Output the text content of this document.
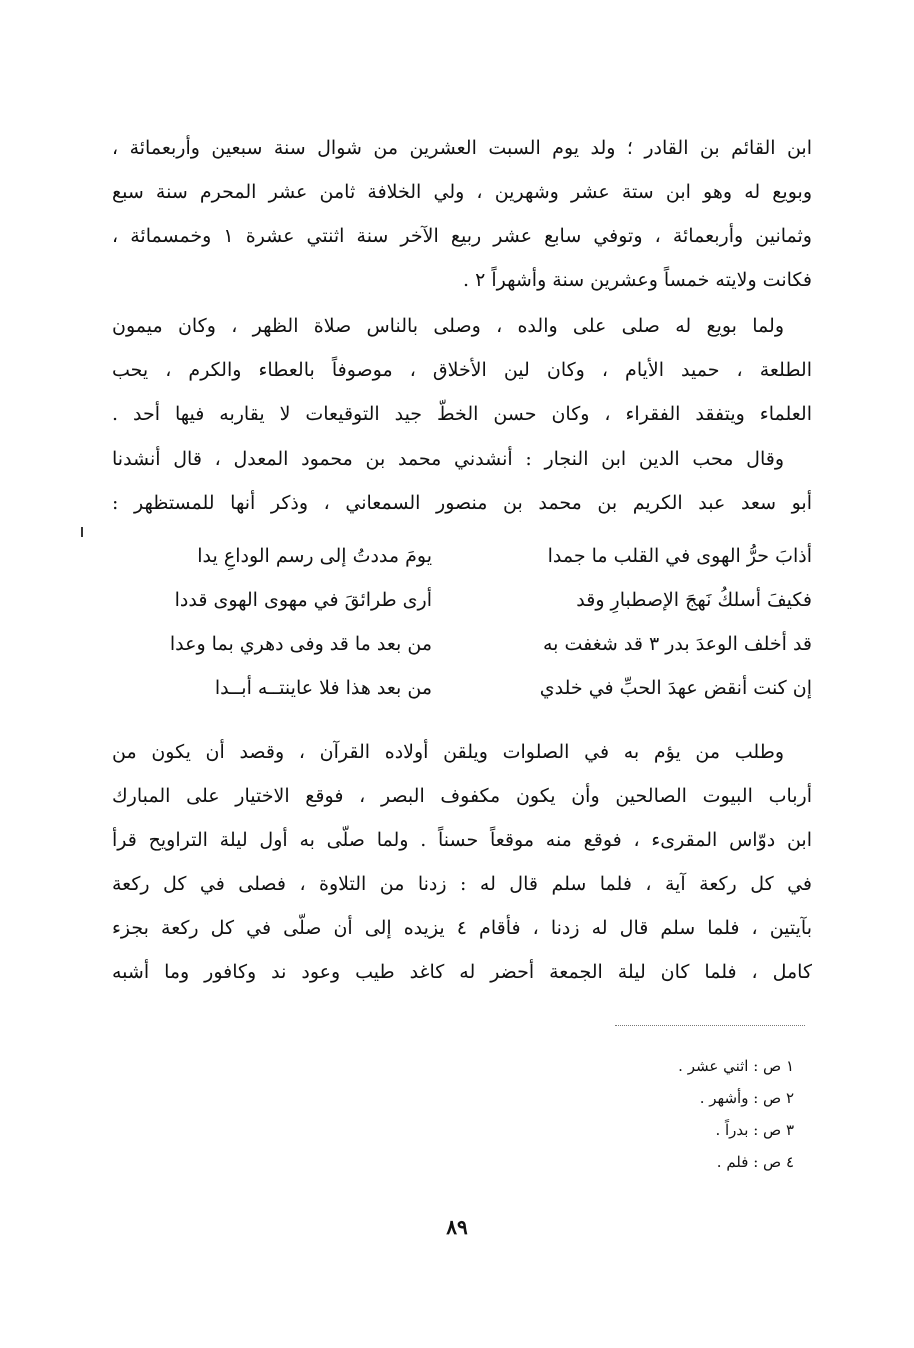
ابن القائم بن القادر ؛ ولد يوم السبت العشرين من شوال سنة سبعين وأربعمائة ،
وبويع له وهو ابن ستة عشر وشهرين ، ولي الخلافة ثامن عشر المحرم سنة سبع
وثمانين وأربعمائة ، وتوفي سابع عشر ربيع الآخر سنة اثنتي عشرة ١ وخمسمائة ،
فكانت ولايته خمساً وعشرين سنة وأشهراً ٢ .
ولما بويع له صلى على والده ، وصلى بالناس صلاة الظهر ، وكان ميمون
الطلعة ، حميد الأيام ، وكان لين الأخلاق ، موصوفاً بالعطاء والكرم ، يحب
العلماء ويتفقد الفقراء ، وكان حسن الخطّ جيد التوقيعات لا يقاربه فيها أحد .
وقال محب الدين ابن النجار : أنشدني محمد بن محمود المعدل ، قال أنشدنا
أبو سعد عبد الكريم بن محمد بن منصور السمعاني ، وذكر أنها للمستظهر :
أذابَ حرُّ الهوى في القلب ما جمدا
يومَ مددتُ إلى رسم الوداعِ يدا
فكيفَ أسلكُ نَهجَ الإصطبارِ وقد
أرى طرائقَ في مهوى الهوى قددا
قد أخلف الوعدَ بدر ٣ قد شغفت به
من بعد ما قد وفى دهري بما وعدا
إن كنت أنقض عهدَ الحبِّ في خلدي
من بعد هذا فلا عاينتــه أبــدا
وطلب من يؤم به في الصلوات ويلقن أولاده القرآن ، وقصد أن يكون من
أرباب البيوت الصالحين وأن يكون مكفوف البصر ، فوقع الاختيار على المبارك
ابن دوّاس المقرىء ، فوقع منه موقعاً حسناً . ولما صلّى به أول ليلة التراويح قرأ
في كل ركعة آية ، فلما سلم قال له : زدنا من التلاوة ، فصلى في كل ركعة
بآيتين ، فلما سلم قال له زدنا ، فأقام ٤ يزيده إلى أن صلّى في كل ركعة بجزء
كامل ، فلما كان ليلة الجمعة أحضر له كاغد طيب وعود ند وكافور وما أشبه
١ ص : اثني عشر .
٢ ص : وأشهر .
٣ ص : بدراً .
٤ ص : فلم .
٨٩
